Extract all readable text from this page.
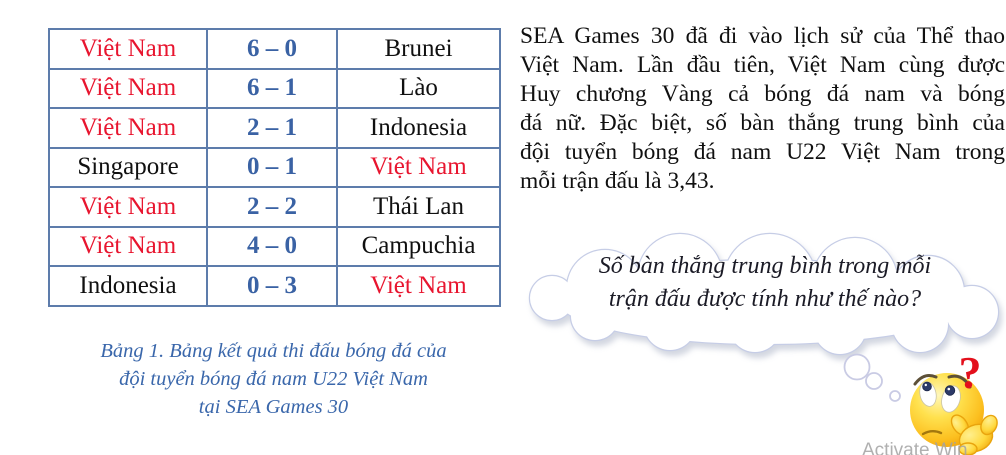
Việt Nam	6 – 0	Brunei
Việt Nam	6 – 1	Lào
Việt Nam	2 – 1	Indonesia
Singapore	0 – 1	Việt Nam
Việt Nam	2 – 2	Thái Lan
Việt Nam	4 – 0	Campuchia
Indonesia	0 – 3	Việt Nam
Bảng 1. Bảng kết quả thi đấu bóng đá của
đội tuyển bóng đá nam U22 Việt Nam
tại SEA Games 30
SEA Games 30 đã đi vào lịch sử của Thể thao
Việt Nam. Lần đầu tiên, Việt Nam cùng được
Huy chương Vàng cả bóng đá nam và bóng
đá nữ. Đặc biệt, số bàn thắng trung bình của
đội tuyển bóng đá nam U22 Việt Nam trong
mỗi trận đấu là 3,43.
Số bàn thắng trung bình trong mỗi
trận đấu được tính như thế nào?
?
Activate Win
